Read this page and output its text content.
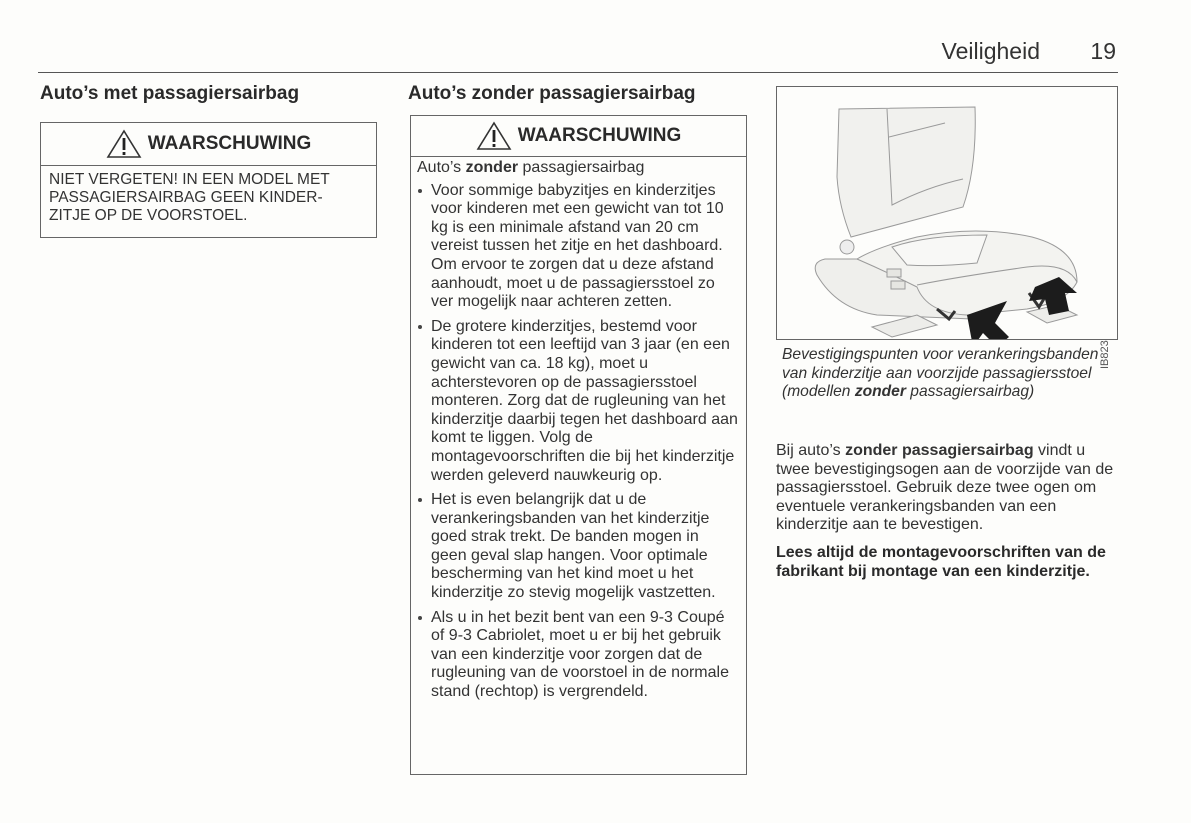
Veiligheid 19
Auto’s met passagiersairbag
WAARSCHUWING
NIET VERGETEN! IN EEN MODEL MET
PASSAGIERSAIRBAG GEEN KINDER-
ZITJE OP DE VOORSTOEL.
Auto’s zonder passagiersairbag
WAARSCHUWING
Auto’s zonder passagiersairbag
Voor sommige babyzitjes en kinderzitjes voor kinderen met een gewicht van tot 10 kg is een minimale afstand van 20 cm vereist tussen het zitje en het dashboard. Om ervoor te zorgen dat u deze afstand aanhoudt, moet u de passagiersstoel zo ver mogelijk naar achteren zetten.
De grotere kinderzitjes, bestemd voor kinderen tot een leeftijd van 3 jaar (en een gewicht van ca. 18 kg), moet u achterstevoren op de passagiersstoel monteren. Zorg dat de rugleuning van het kinderzitje daarbij tegen het dashboard aan komt te liggen. Volg de montagevoorschriften die bij het kinderzitje werden geleverd nauwkeurig op.
Het is even belangrijk dat u de verankeringsbanden van het kinderzitje goed strak trekt. De banden mogen in geen geval slap hangen. Voor optimale bescherming van het kind moet u het kinderzitje zo stevig mogelijk vastzetten.
Als u in het bezit bent van een 9-3 Coupé of 9-3 Cabriolet, moet u er bij het gebruik van een kinderzitje voor zorgen dat de rugleuning van de voorstoel in de normale stand (rechtop) is vergrendeld.
IB823
Bevestigingspunten voor verankeringsbanden van kinderzitje aan voorzijde passagiersstoel (modellen zonder passagiersairbag)
Bij auto’s zonder passagiersairbag vindt u twee bevestigingsogen aan de voorzijde van de passagiersstoel. Gebruik deze twee ogen om eventuele verankeringsbanden van een kinderzitje aan te bevestigen.
Lees altijd de montagevoorschriften van de fabrikant bij montage van een kinderzitje.
